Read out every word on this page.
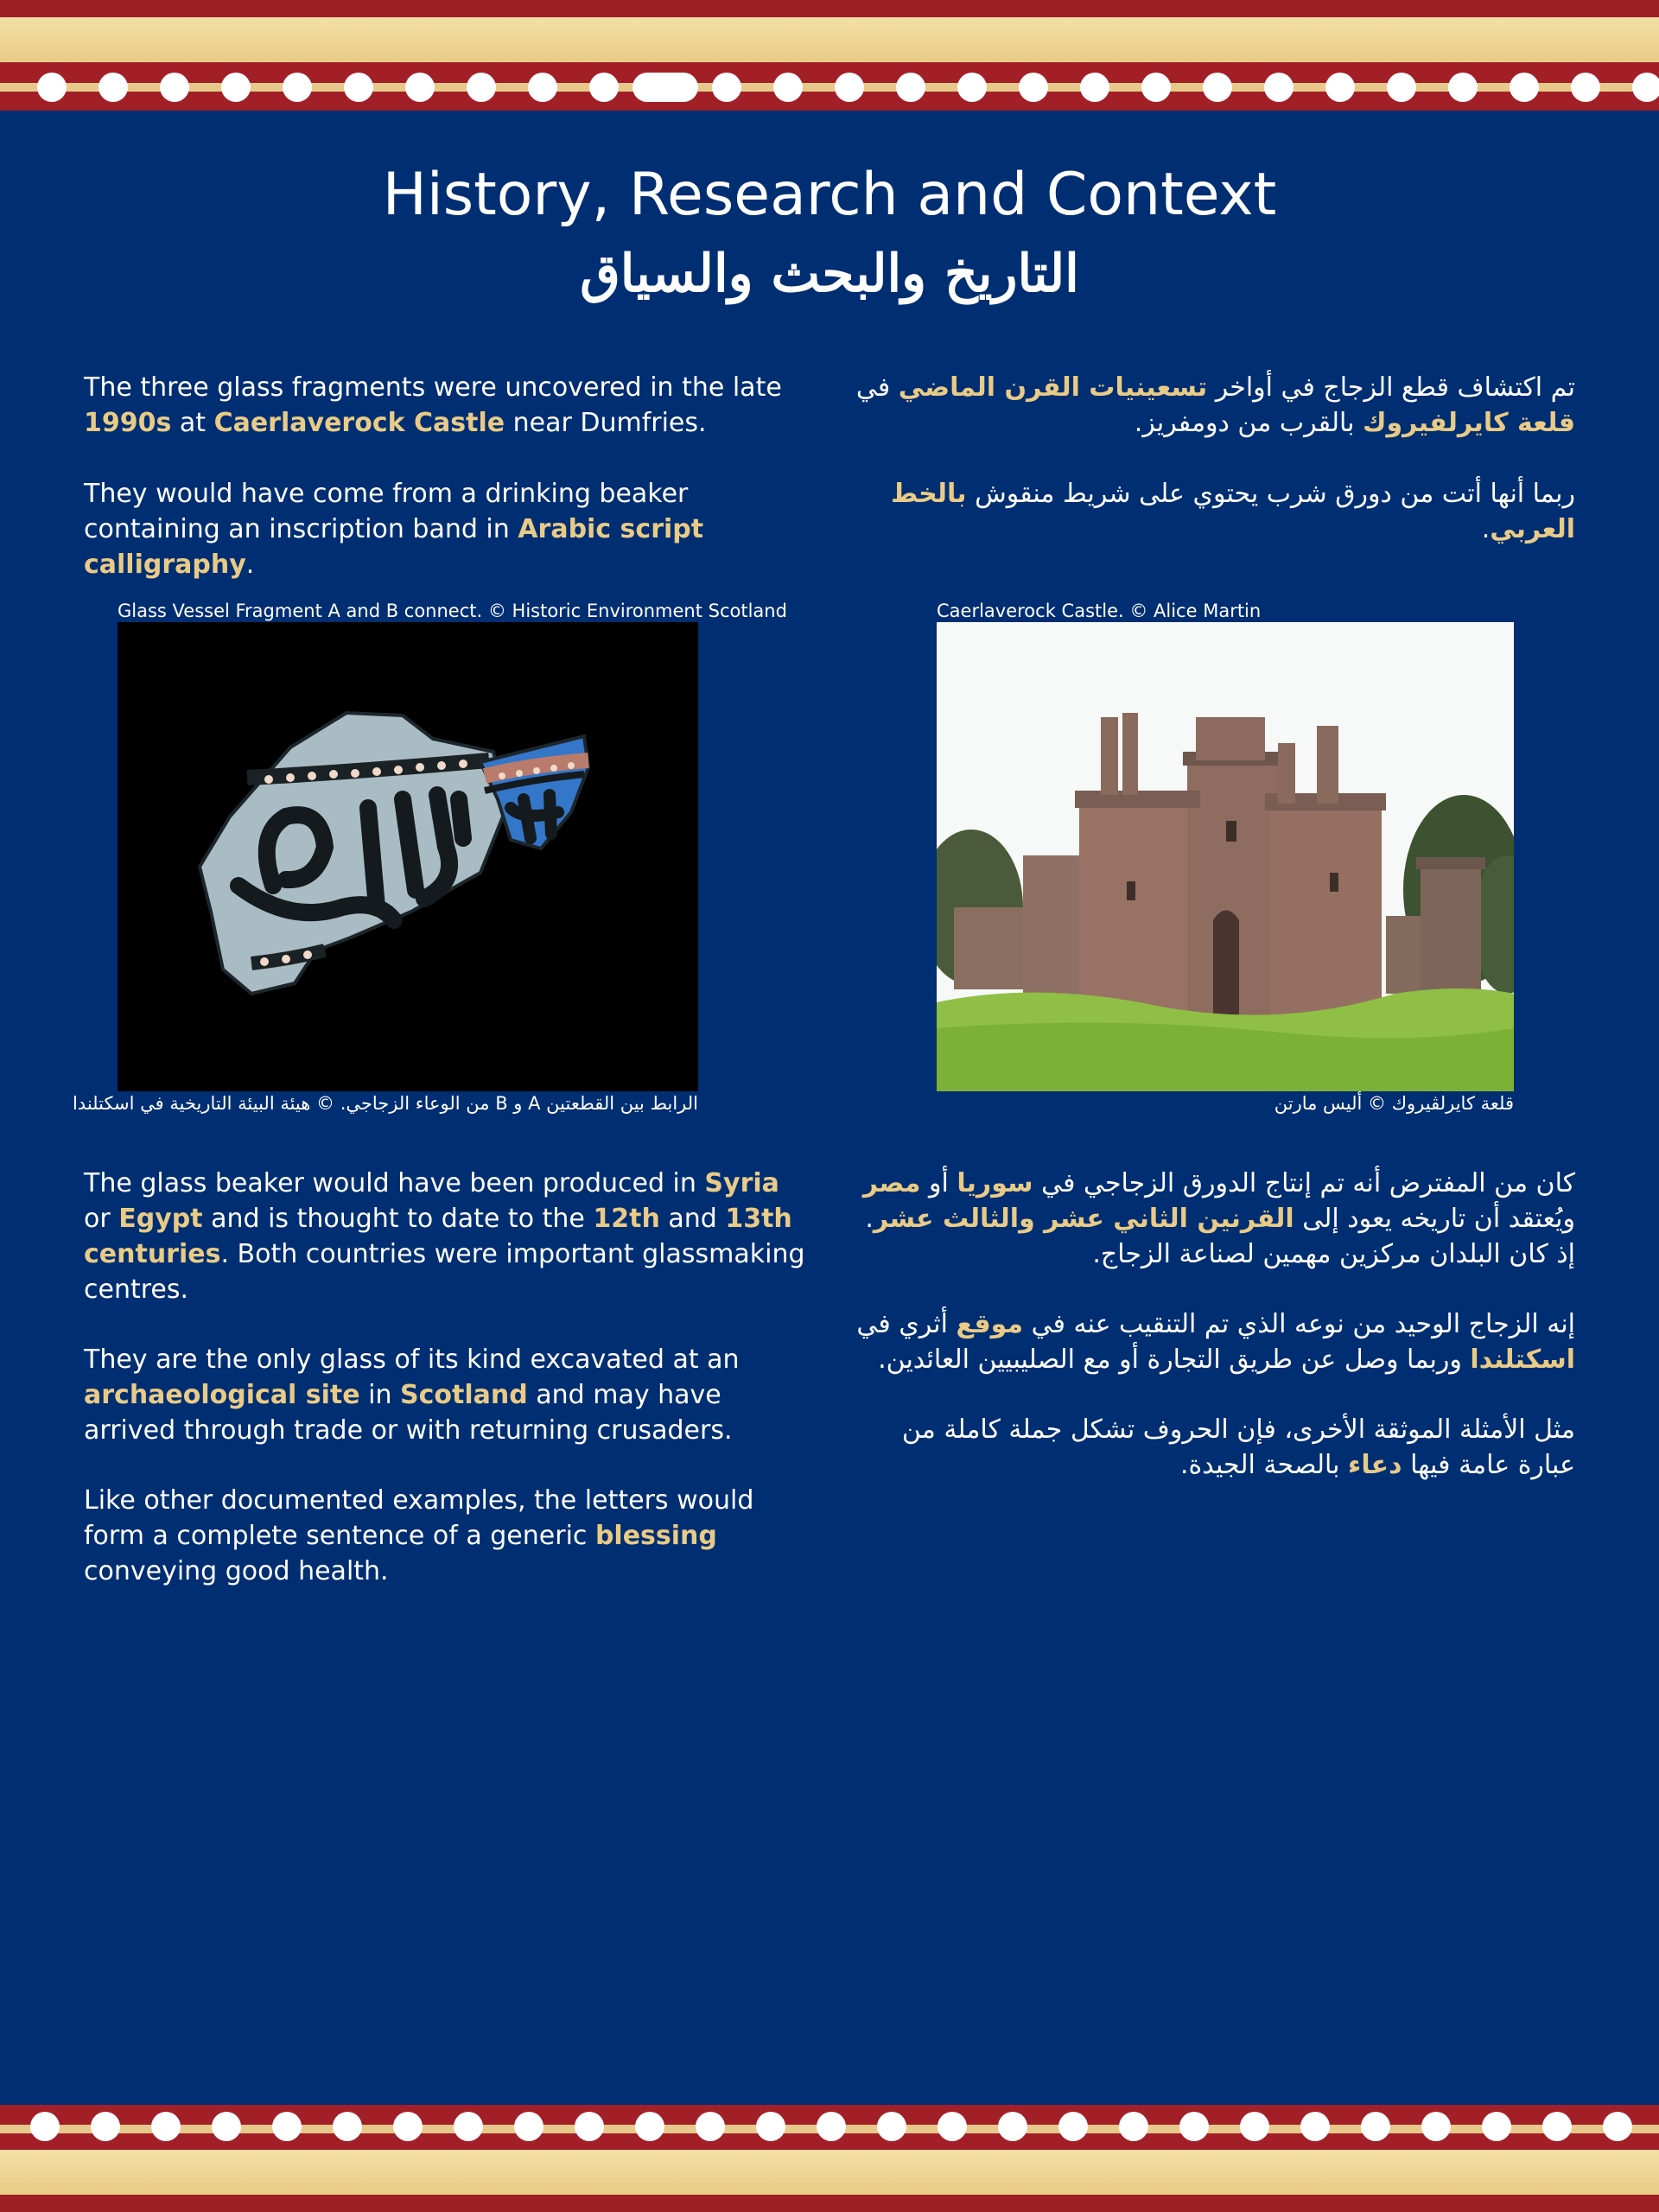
History, Research and Context
التاريخ والبحث والسياق

The three glass fragments were uncovered in the late 1990s at Caerlaverock Castle near Dumfries.

They would have come from a drinking beaker containing an inscription band in Arabic script calligraphy.

تم اكتشاف قطع الزجاج في أواخر تسعينيات القرن الماضي في قلعة كايرلفيروك بالقرب من دومفريز.

ربما أنها أتت من دورق شرب يحتوي على شريط منقوش بالخط العربي.

Glass Vessel Fragment A and B connect. © Historic Environment Scotland
الرابط بين القطعتين A و B من الوعاء الزجاجي. © هيئة البيئة التاريخية في اسكتلندا
Caerlaverock Castle. © Alice Martin
قلعة كايرلڤيروك © أليس مارتن

The glass beaker would have been produced in Syria or Egypt and is thought to date to the 12th and 13th centuries. Both countries were important glassmaking centres.

They are the only glass of its kind excavated at an archaeological site in Scotland and may have arrived through trade or with returning crusaders.

Like other documented examples, the letters would form a complete sentence of a generic blessing conveying good health.

كان من المفترض أنه تم إنتاج الدورق الزجاجي في سوريا أو مصر ويُعتقد أن تاريخه يعود إلى القرنين الثاني عشر والثالث عشر. إذ كان البلدان مركزين مهمين لصناعة الزجاج.

إنه الزجاج الوحيد من نوعه الذي تم التنقيب عنه في موقع أثري في اسكتلندا وربما وصل عن طريق التجارة أو مع الصليبيين العائدين.

مثل الأمثلة الموثقة الأخرى، فإن الحروف تشكل جملة كاملة من عبارة عامة فيها دعاء بالصحة الجيدة.
